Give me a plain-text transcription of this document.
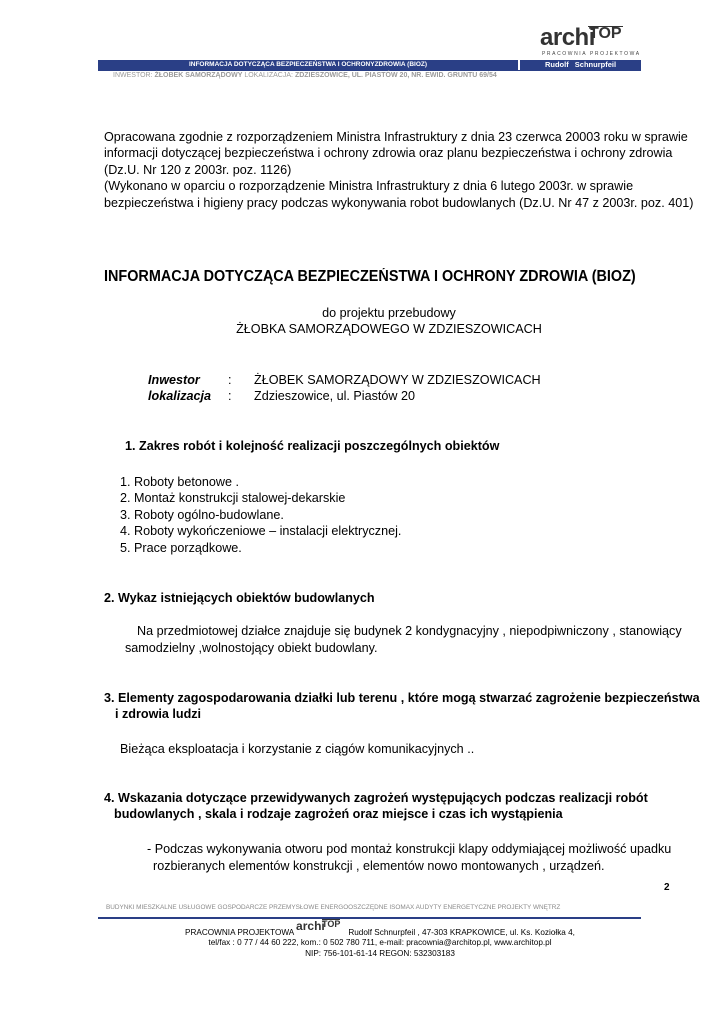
archi
TOP
PRACOWNIA PROJEKTOWA
INFORMACJA DOTYCZĄCA BEZPIECZEŃSTWA I OCHRONYZDROWIA (BIOZ)	Rudolf Schnurpfeil
INWESTOR: ŻŁOBEK SAMORZĄDOWY LOKALIZACJA: ZDZIESZOWICE, UL. PIASTÓW 20, NR. EWID. GRUNTU 69/54
Opracowana zgodnie z rozporządzeniem Ministra Infrastruktury z dnia 23 czerwca 20003 roku w sprawie
informacji dotyczącej bezpieczeństwa i ochrony zdrowia oraz planu bezpieczeństwa i ochrony zdrowia
(Dz.U. Nr 120 z 2003r. poz. 1126)
(Wykonano w oparciu o rozporządzenie Ministra Infrastruktury z dnia 6 lutego 2003r. w sprawie
bezpieczeństwa i higieny pracy podczas wykonywania robot budowlanych (Dz.U. Nr 47 z 2003r. poz. 401)
INFORMACJA DOTYCZĄCA BEZPIECZEŃSTWA I OCHRONY ZDROWIA (BIOZ)
do projektu przebudowy
ŻŁOBKA SAMORZĄDOWEGO W ZDZIESZOWICACH
Inwestor	:	ŻŁOBEK SAMORZĄDOWY W ZDZIESZOWICACH
lokalizacja	:	Zdzieszowice, ul. Piastów 20
1. Zakres robót i kolejność realizacji poszczególnych obiektów
1. Roboty betonowe .
2. Montaż konstrukcji stalowej-dekarskie
3. Roboty ogólno-budowlane.
4. Roboty wykończeniowe – instalacji elektrycznej.
5. Prace porządkowe.
2. Wykaz istniejących obiektów budowlanych
Na przedmiotowej działce znajduje się budynek 2 kondygnacyjny , niepodpiwniczony , stanowiący
samodzielny ,wolnostojący obiekt budowlany.
3. Elementy zagospodarowania działki lub terenu , które mogą stwarzać zagrożenie bezpieczeństwa
i zdrowia ludzi
Bieżąca eksploatacja i korzystanie z ciągów komunikacyjnych ..
4. Wskazania dotyczące przewidywanych zagrożeń występujących podczas realizacji robót
budowlanych , skala i rodzaje zagrożeń oraz miejsce i czas ich wystąpienia
- Podczas wykonywania otworu pod montaż konstrukcji klapy oddymiającej możliwość upadku
rozbieranych elementów konstrukcji , elementów nowo montowanych , urządzeń.
2
BUDYNKI MIESZKALNE USŁUGOWE GOSPODARCZE PRZEMYSŁOWE ENERGOOSZCZĘDNE ISOMAX AUDYTY ENERGETYCZNE PROJEKTY WNĘTRZ
PRACOWNIA PROJEKTOWA archi
TOP
Rudolf Schnurpfeil , 47-303 KRAPKOWICE, ul. Ks. Koziołka 4,
tel/fax : 0 77 / 44 60 222, kom.: 0 502 780 711, e-mail: pracownia@architop.pl, www.architop.pl
NIP: 756-101-61-14 REGON: 532303183
